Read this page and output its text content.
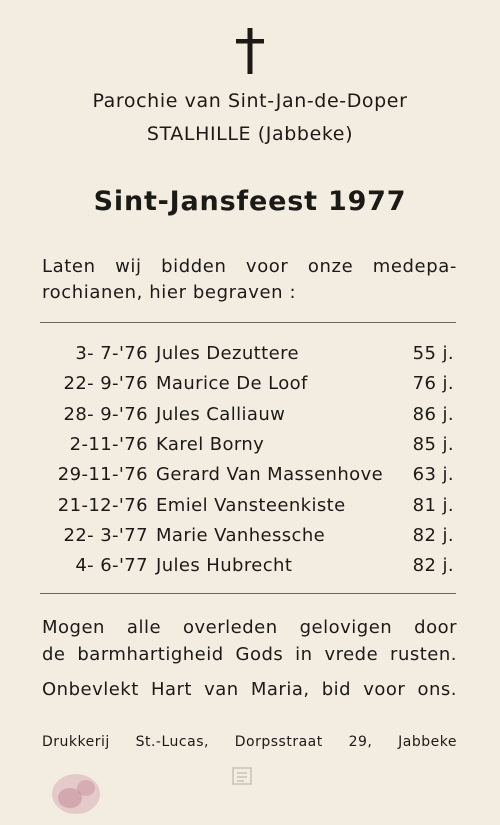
Parochie van Sint-Jan-de-Doper
STALHILLE (Jabbeke)
Sint-Jansfeest 1977
Laten wij bidden voor onze medepa-
rochianen, hier begraven :
3- 7-'76 Jules Dezuttere	55 j.
22- 9-'76 Maurice De Loof	76 j.
28- 9-'76 Jules Calliauw	86 j.
2-11-'76 Karel Borny	85 j.
29-11-'76 Gerard Van Massenhove 63 j.
21-12-'76 Emiel Vansteenkiste	81 j.
22- 3-'77 Marie Vanhessche	82 j.
4- 6-'77 Jules Hubrecht	82 j.
Mogen alle overleden gelovigen door
de barmhartigheid Gods in vrede rusten.
Onbevlekt Hart van Maria, bid voor ons.
Drukkerij St.-Lucas, Dorpsstraat 29, Jabbeke
